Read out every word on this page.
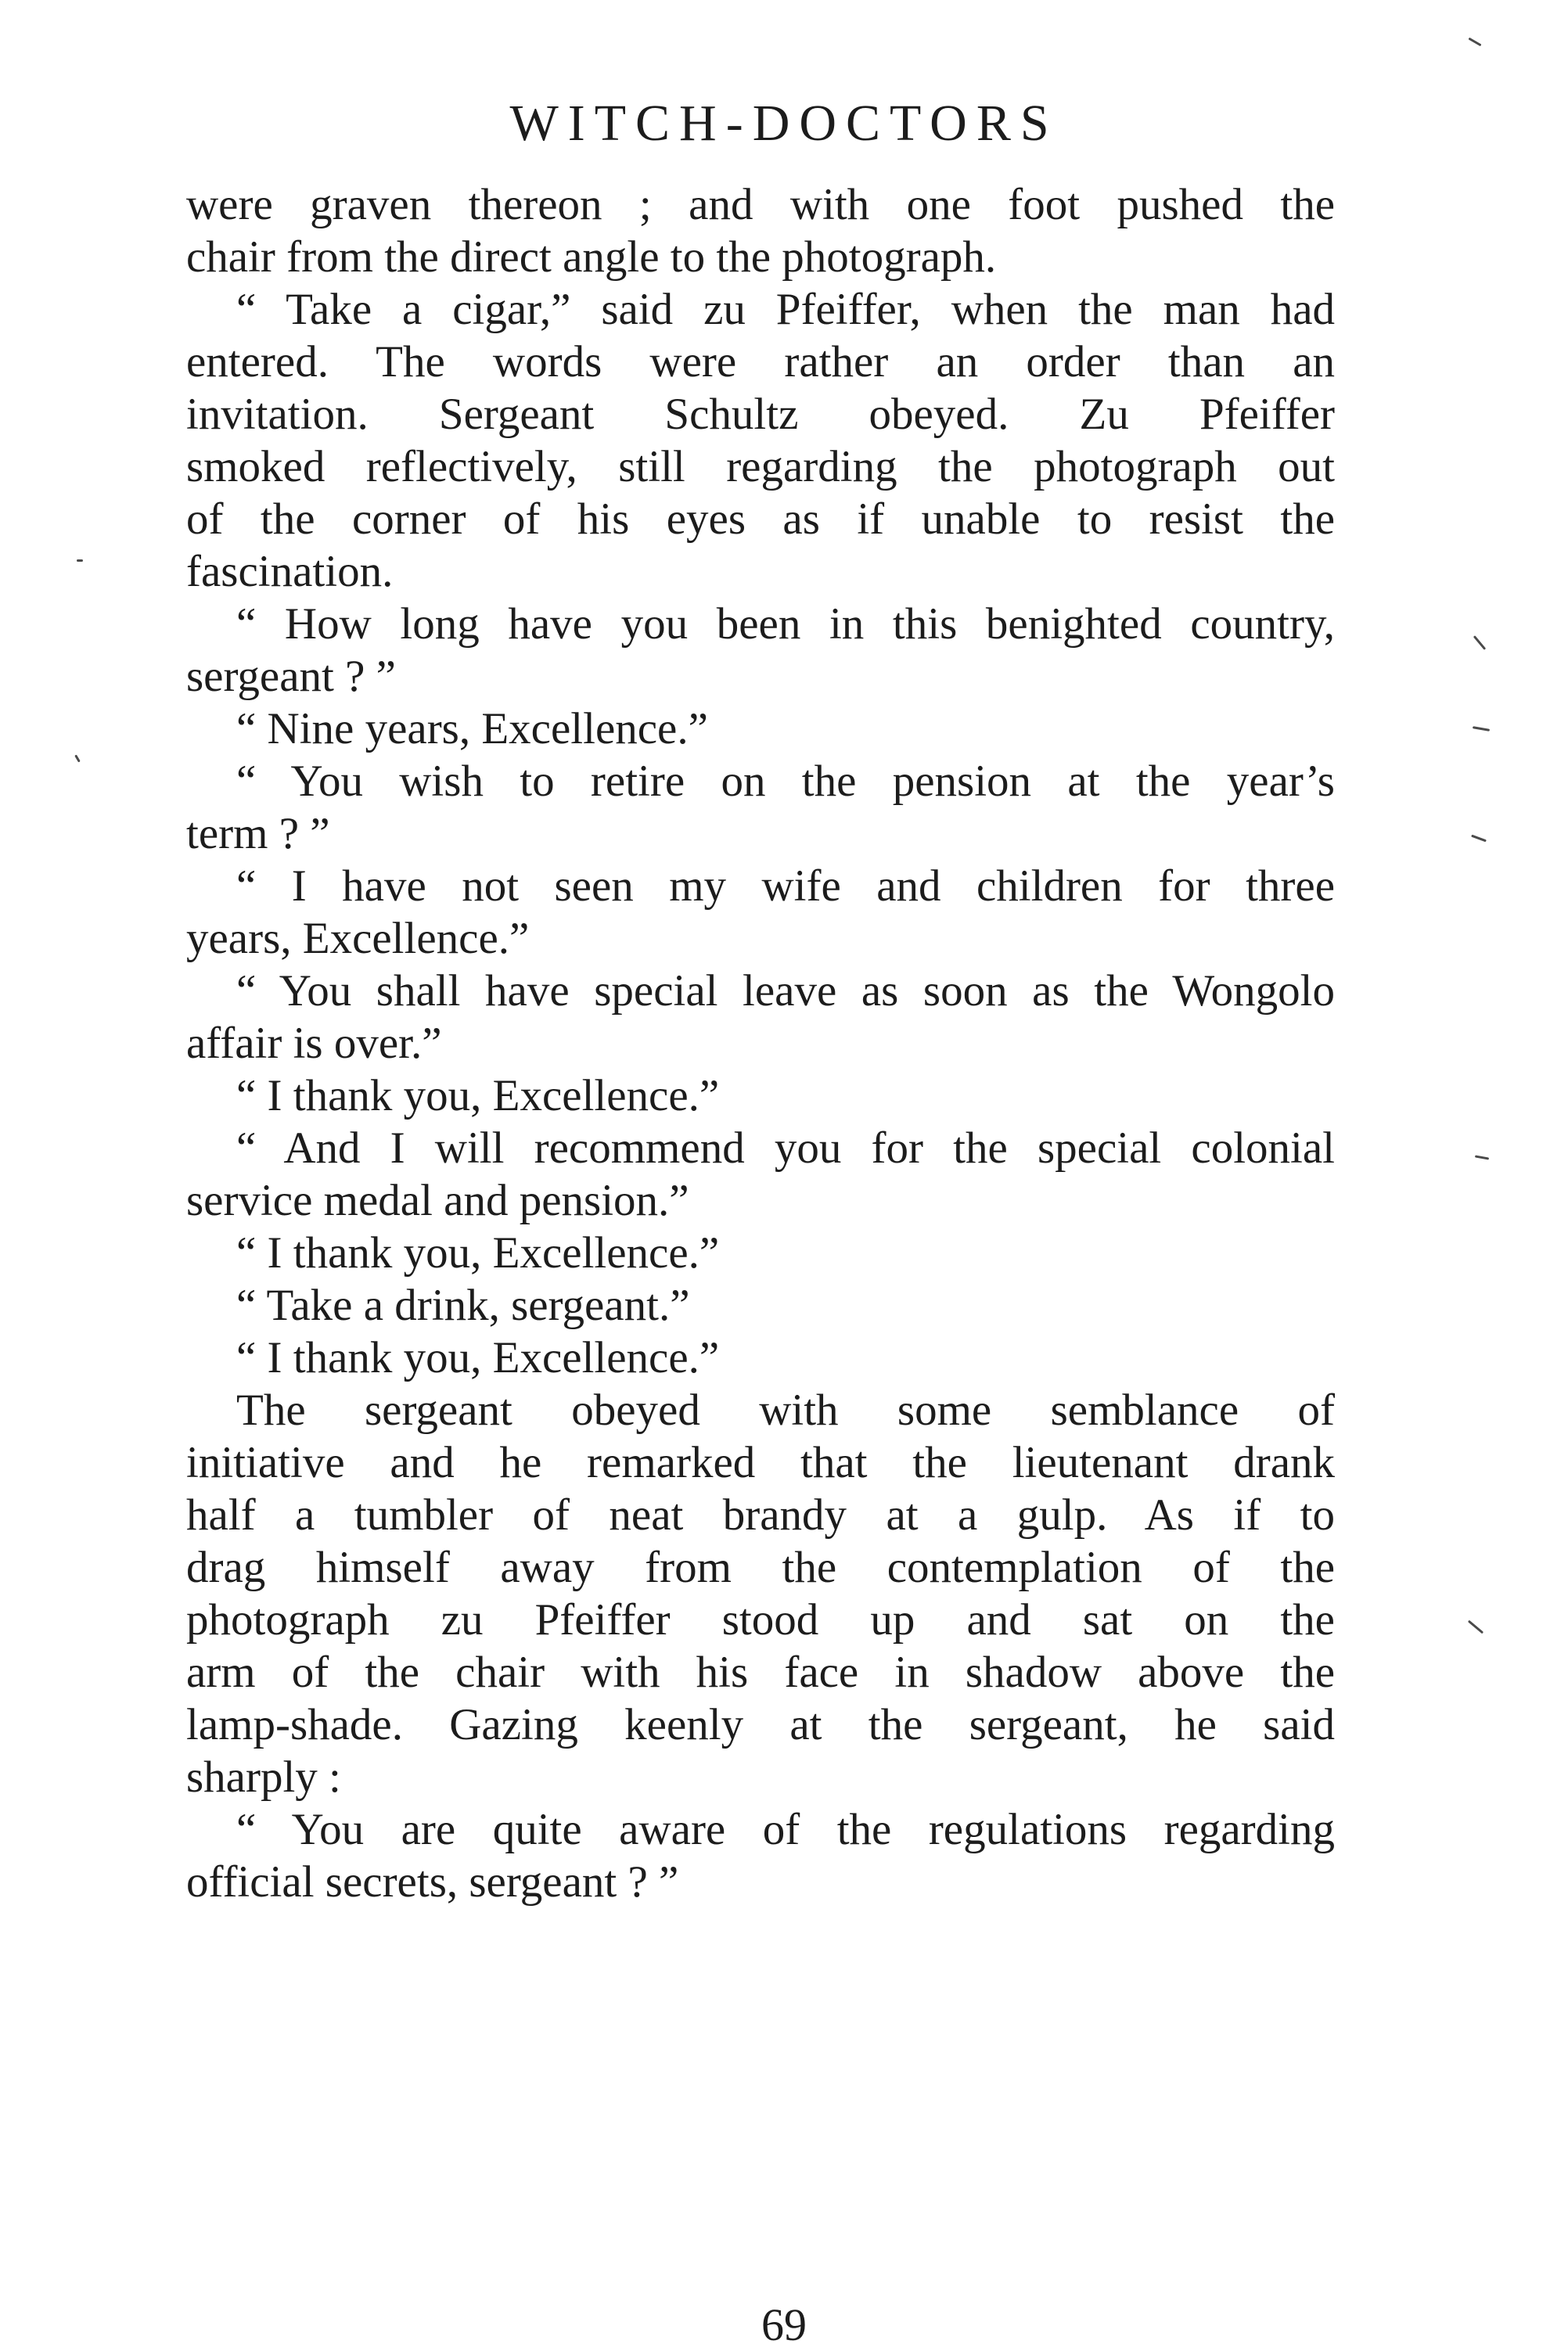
WITCH-DOCTORS
were graven thereon ; and with one foot pushed the
chair from the direct angle to the photograph.
“ Take a cigar,” said zu Pfeiffer, when the man had
entered. The words were rather an order than an
invitation. Sergeant Schultz obeyed. Zu Pfeiffer
smoked reflectively, still regarding the photograph out
of the corner of his eyes as if unable to resist the
fascination.
“ How long have you been in this benighted country,
sergeant ? ”
“ Nine years, Excellence.”
“ You wish to retire on the pension at the year’s
term ? ”
“ I have not seen my wife and children for three
years, Excellence.”
“ You shall have special leave as soon as the Wongolo
affair is over.”
“ I thank you, Excellence.”
“ And I will recommend you for the special colonial
service medal and pension.”
“ I thank you, Excellence.”
“ Take a drink, sergeant.”
“ I thank you, Excellence.”
The sergeant obeyed with some semblance of
initiative and he remarked that the lieutenant drank
half a tumbler of neat brandy at a gulp. As if to
drag himself away from the contemplation of the
photograph zu Pfeiffer stood up and sat on the
arm of the chair with his face in shadow above the
lamp-shade. Gazing keenly at the sergeant, he said
sharply :
“ You are quite aware of the regulations regarding
official secrets, sergeant ? ”
69
